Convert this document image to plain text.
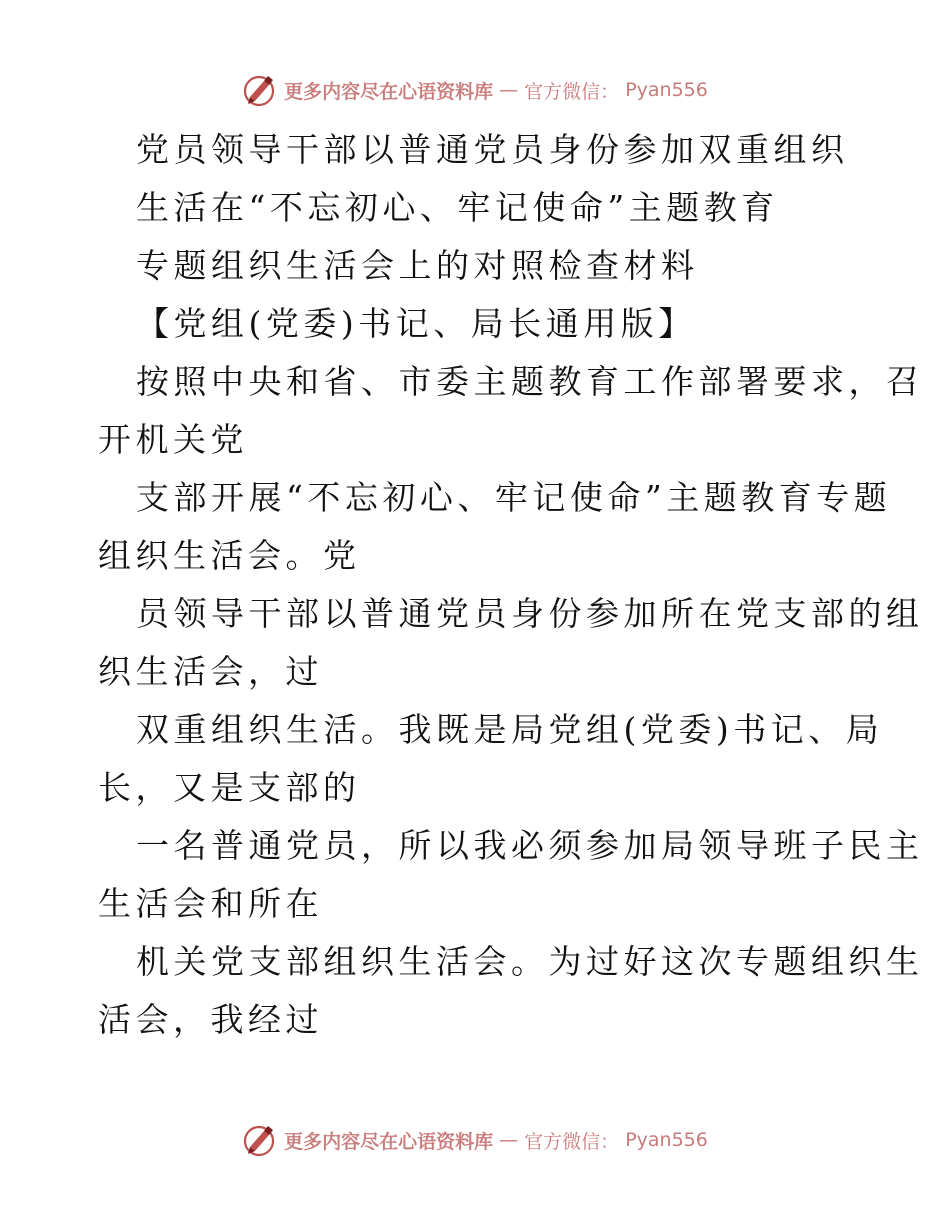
更多内容尽在心语资料库 — 官方微信： Pyan556
党员领导干部以普通党员身份参加双重组织
生活在“不忘初心、牢记使命”主题教育
专题组织生活会上的对照检查材料
【党组(党委)书记、局长通用版】
按照中央和省、市委主题教育工作部署要求，召
开机关党
支部开展“不忘初心、牢记使命”主题教育专题
组织生活会。党
员领导干部以普通党员身份参加所在党支部的组
织生活会，过
双重组织生活。我既是局党组(党委)书记、局
长，又是支部的
一名普通党员，所以我必须参加局领导班子民主
生活会和所在
机关党支部组织生活会。为过好这次专题组织生
活会，我经过
更多内容尽在心语资料库 — 官方微信： Pyan556
